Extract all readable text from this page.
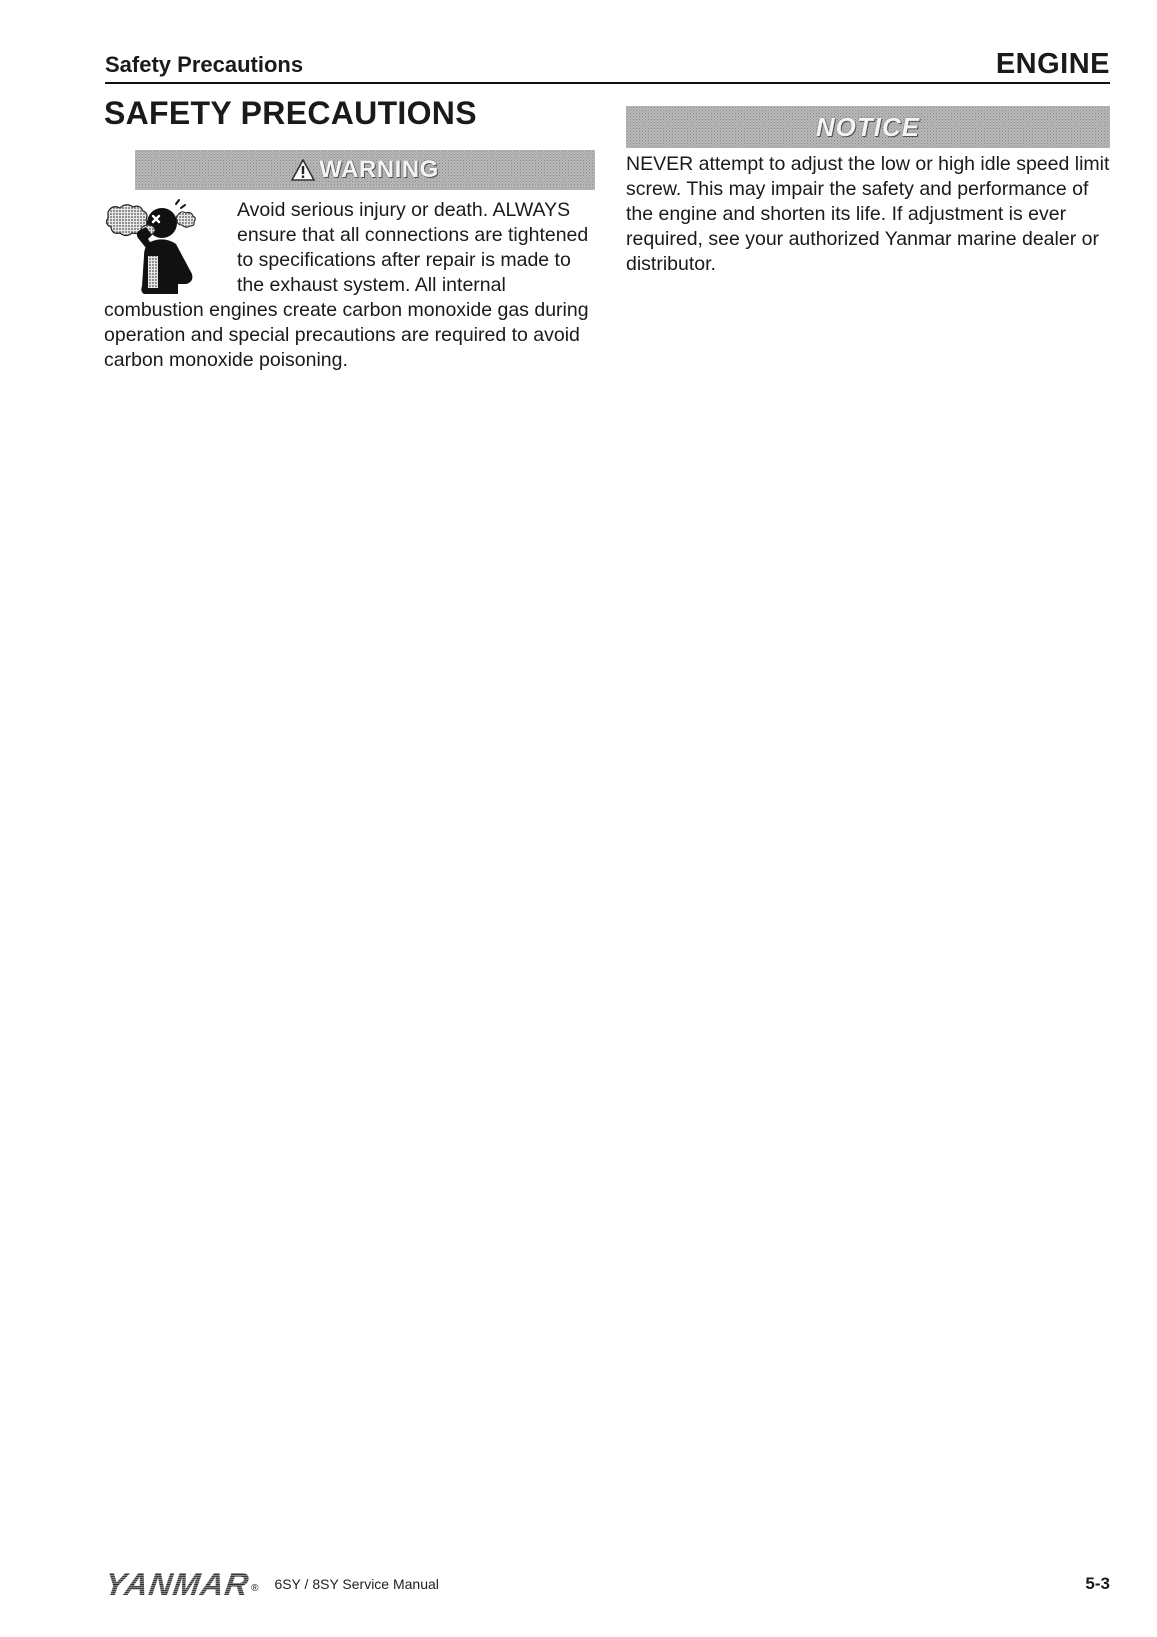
Safety Precautions	ENGINE
SAFETY PRECAUTIONS
WARNING

Avoid serious injury or death. ALWAYS ensure that all connections are tightened to specifications after repair is made to the exhaust system. All internal combustion engines create carbon monoxide gas during operation and special precautions are required to avoid carbon monoxide poisoning.

NOTICE

NEVER attempt to adjust the low or high idle speed limit screw. This may impair the safety and performance of the engine and shorten its life. If adjustment is ever required, see your authorized Yanmar marine dealer or distributor.

YANMAR ® 6SY / 8SY Service Manual	5-3
